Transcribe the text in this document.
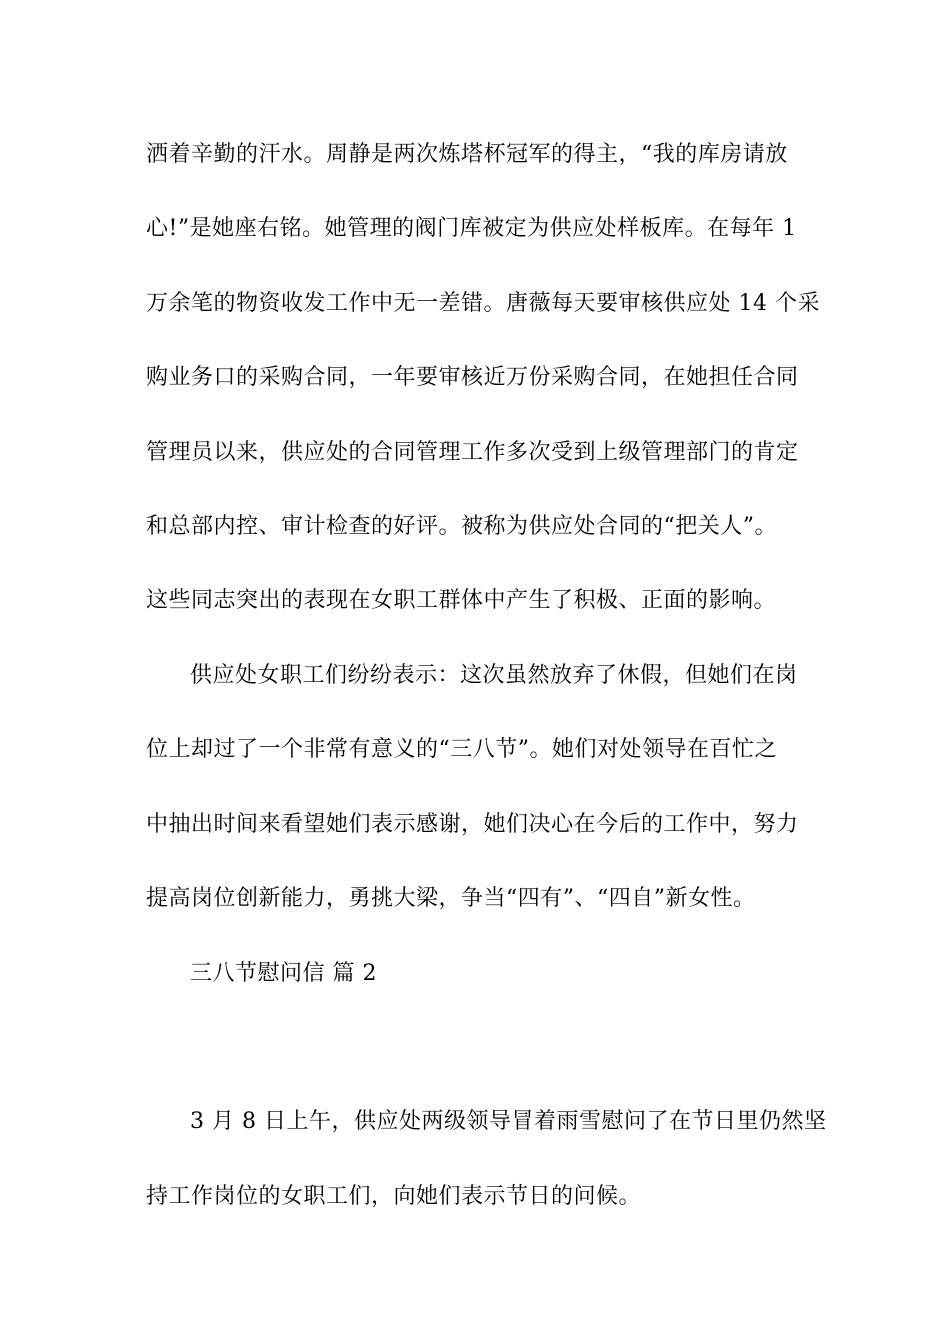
洒着辛勤的汗水。周静是两次炼塔杯冠军的得主，“我的库房请放
心!”是她座右铭。她管理的阀门库被定为供应处样板库。在每年 1
万余笔的物资收发工作中无一差错。唐薇每天要审核供应处 14 个采
购业务口的采购合同，一年要审核近万份采购合同，在她担任合同
管理员以来，供应处的合同管理工作多次受到上级管理部门的肯定
和总部内控、审计检查的好评。被称为供应处合同的“把关人”。
这些同志突出的表现在女职工群体中产生了积极、正面的影响。
供应处女职工们纷纷表示：这次虽然放弃了休假，但她们在岗
位上却过了一个非常有意义的“三八节”。她们对处领导在百忙之
中抽出时间来看望她们表示感谢，她们决心在今后的工作中，努力
提高岗位创新能力，勇挑大梁，争当“四有”、“四自”新女性。
三八节慰问信 篇 2
3 月 8 日上午，供应处两级领导冒着雨雪慰问了在节日里仍然坚
持工作岗位的女职工们，向她们表示节日的问候。
